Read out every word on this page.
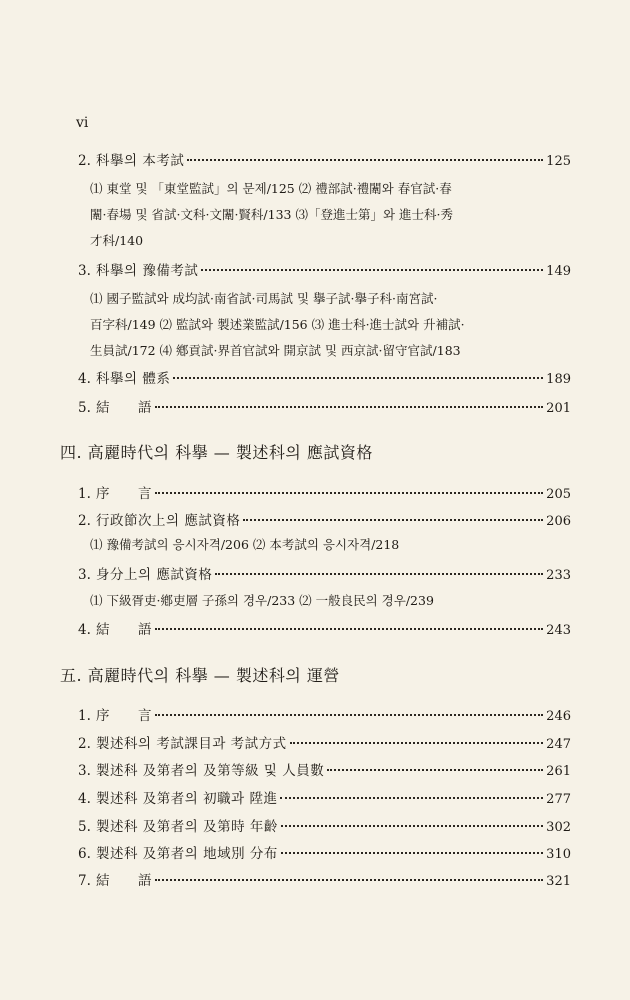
vi
2. 科擧의 本考試	125
⑴ 東堂 및 「東堂監試」의 문제/125 ⑵ 禮部試·禮闈와 春官試·春
闈·春場 및 省試·文科·文闈·賢科/133 ⑶「登進士第」와 進士科·秀
才科/140
3. 科擧의 豫備考試	149
⑴ 國子監試와 成均試·南省試·司馬試 및 擧子試·擧子科·南宮試·
百字科/149 ⑵ 監試와 製述業監試/156 ⑶ 進士科·進士試와 升補試·
生員試/172 ⑷ 鄕貢試·界首官試와 開京試 및 西京試·留守官試/183
4. 科擧의 體系	189
5. 結　　語	201
四. 高麗時代의 科擧 — 製述科의 應試資格
1. 序　　言	205
2. 行政節次上의 應試資格	206
⑴ 豫備考試의 응시자격/206 ⑵ 本考試의 응시자격/218
3. 身分上의 應試資格	233
⑴ 下級胥吏·鄕吏層 子孫의 경우/233 ⑵ 一般良民의 경우/239
4. 結　　語	243
五. 高麗時代의 科擧 — 製述科의 運營
1. 序　　言	246
2. 製述科의 考試課目과 考試方式	247
3. 製述科 及第者의 及第等級 및 人員數	261
4. 製述科 及第者의 初職과 陞進	277
5. 製述科 及第者의 及第時 年齡	302
6. 製述科 及第者의 地域別 分布	310
7. 結　　語	321
